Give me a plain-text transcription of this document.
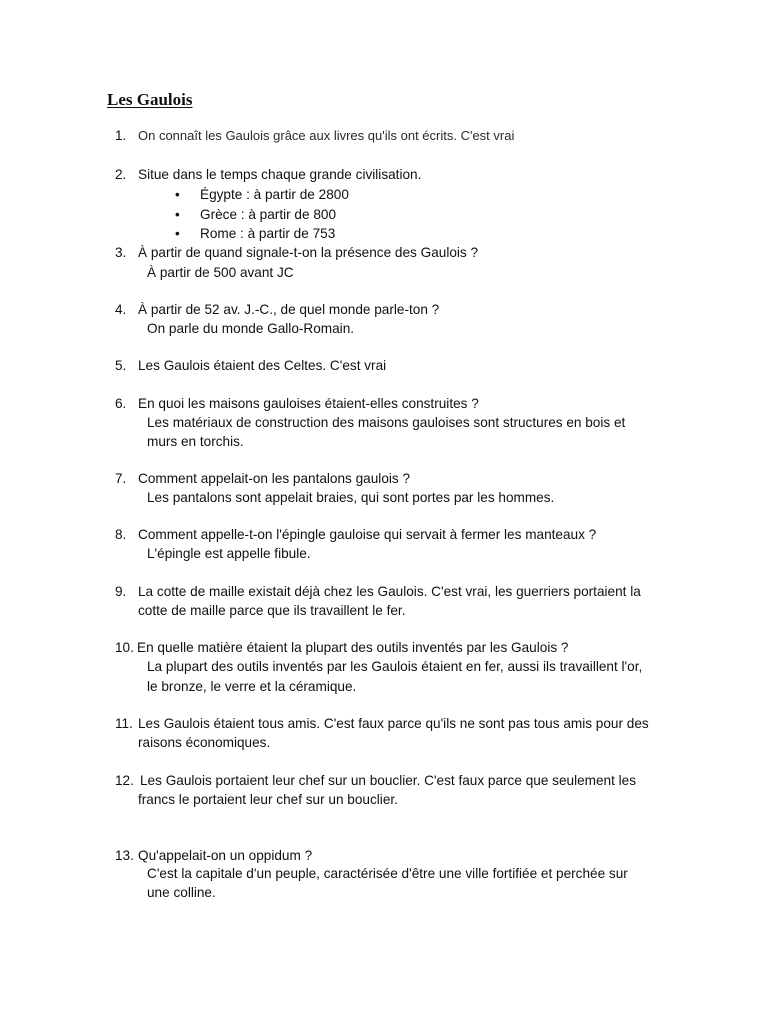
Les Gaulois
1. On connaît les Gaulois grâce aux livres qu'ils ont écrits. C'est vrai
2. Situe dans le temps chaque grande civilisation.
• Égypte : à partir de 2800
• Grèce : à partir de 800
• Rome : à partir de 753
3. À partir de quand signale-t-on la présence des Gaulois ?
À partir de 500 avant JC
4. À partir de 52 av. J.-C., de quel monde parle-ton ?
On parle du monde Gallo-Romain.
5. Les Gaulois étaient des Celtes. C'est vrai
6. En quoi les maisons gauloises étaient-elles construites ?
Les matériaux de construction des maisons gauloises sont structures en bois et
murs en torchis.
7. Comment appelait-on les pantalons gaulois ?
Les pantalons sont appelait braies, qui sont portes par les hommes.
8. Comment appelle-t-on l'épingle gauloise qui servait à fermer les manteaux ?
L'épingle est appelle fibule.
9. La cotte de maille existait déjà chez les Gaulois. C'est vrai, les guerriers portaient la
cotte de maille parce que ils travaillent le fer.
10. En quelle matière étaient la plupart des outils inventés par les Gaulois ?
La plupart des outils inventés par les Gaulois étaient en fer, aussi ils travaillent l'or,
le bronze, le verre et la céramique.
11. Les Gaulois étaient tous amis. C'est faux parce qu'ils ne sont pas tous amis pour des
raisons économiques.
12. Les Gaulois portaient leur chef sur un bouclier. C'est faux parce que seulement les
francs le portaient leur chef sur un bouclier.
13. Qu'appelait-on un oppidum ?
C'est la capitale d'un peuple, caractérisée d'être une ville fortifiée et perchée sur
une colline.
